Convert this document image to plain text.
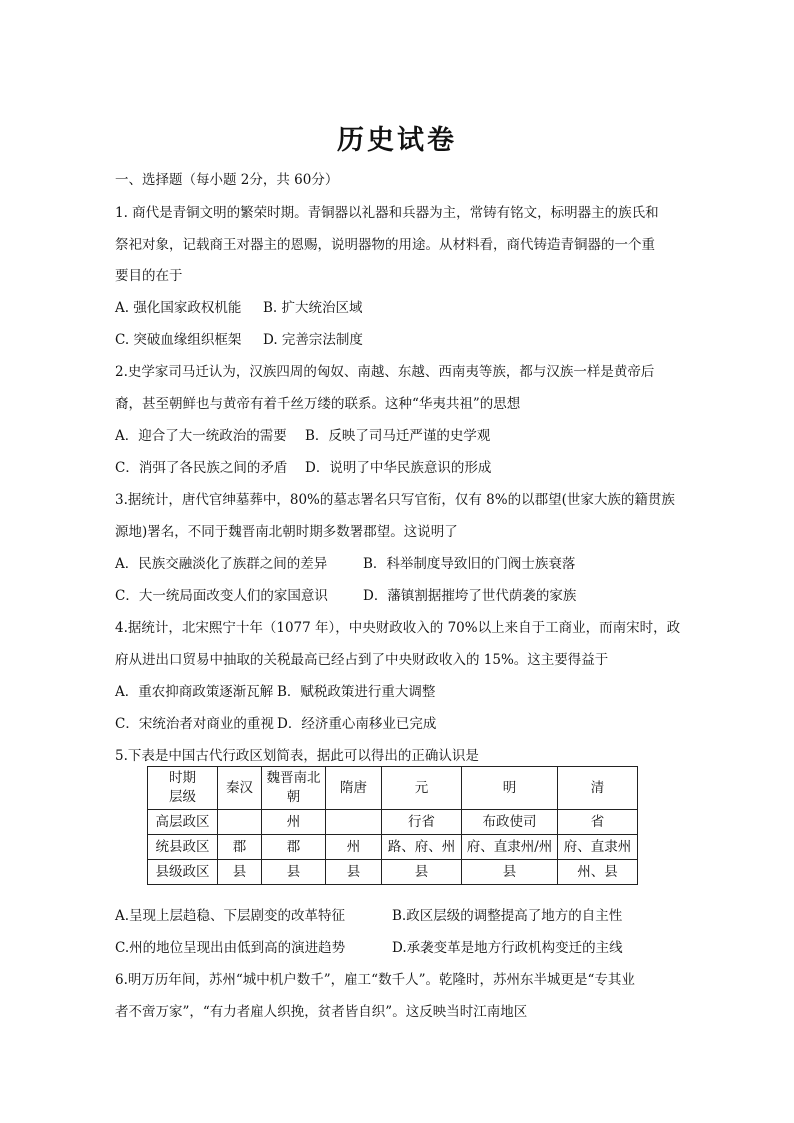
历史试卷
一、选择题（每小题 2分，共 60分）
1. 商代是青铜文明的繁荣时期。青铜器以礼器和兵器为主，常铸有铭文，标明器主的族氏和
祭祀对象，记载商王对器主的恩赐，说明器物的用途。从材料看，商代铸造青铜器的一个重
要目的在于
A. 强化国家政权机能 B. 扩大统治区域
C. 突破血缘组织框架 D. 完善宗法制度
2.史学家司马迁认为，汉族四周的匈奴、南越、东越、西南夷等族，都与汉族一样是黄帝后
裔，甚至朝鲜也与黄帝有着千丝万缕的联系。这种“华夷共祖”的思想
A．迎合了大一统政治的需要 B．反映了司马迁严谨的史学观
C．消弭了各民族之间的矛盾 D．说明了中华民族意识的形成
3.据统计，唐代官绅墓葬中，80%的墓志署名只写官衔，仅有 8%的以郡望(世家大族的籍贯族
源地)署名，不同于魏晋南北朝时期多数署郡望。这说明了
A．民族交融淡化了族群之间的差异	B．科举制度导致旧的门阀士族衰落
C．大一统局面改变人们的家国意识	D．藩镇割据摧垮了世代荫袭的家族
4.据统计，北宋熙宁十年（1077 年），中央财政收入的 70%以上来自于工商业，而南宋时，政
府从进出口贸易中抽取的关税最高已经占到了中央财政收入的 15%。这主要得益于
A．重农抑商政策逐渐瓦解 B．赋税政策进行重大调整
C．宋统治者对商业的重视 D．经济重心南移业已完成
5.下表是中国古代行政区划简表，据此可以得出的正确认识是
时期
层级	秦汉	魏晋南北
朝	隋唐	元	明	清
高层政区		州		行省	布政使司	省
统县政区	郡	郡	州	路、府、州	府、直隶州/州	府、直隶州
县级政区	县	县	县	县	县	州、县
A.呈现上层趋稳、下层剧变的改革特征	B.政区层级的调整提高了地方的自主性
C.州的地位呈现出由低到高的演进趋势	D.承袭变革是地方行政机构变迁的主线
6.明万历年间，苏州“城中机户数千”，雇工“数千人”。乾隆时，苏州东半城更是“专其业
者不啻万家”，“有力者雇人织挽，贫者皆自织”。这反映当时江南地区
